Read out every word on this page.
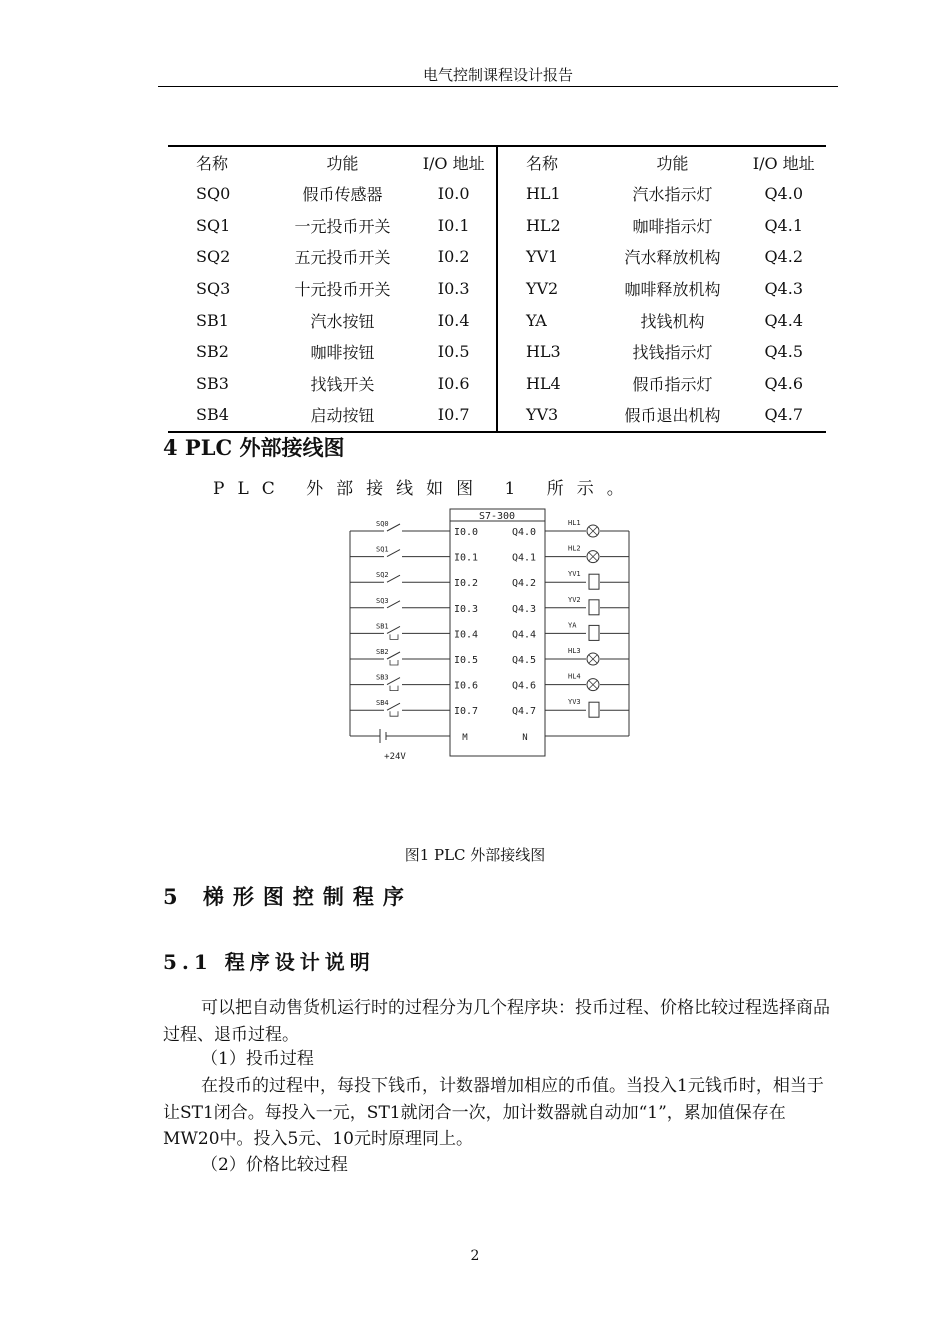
电气控制课程设计报告
名称	功能	I/O 地址	名称	功能	I/O 地址
SQ0	假币传感器	I0.0	HL1	汽水指示灯	Q4.0
SQ1	一元投币开关	I0.1	HL2	咖啡指示灯	Q4.1
SQ2	五元投币开关	I0.2	YV1	汽水释放机构	Q4.2
SQ3	十元投币开关	I0.3	YV2	咖啡释放机构	Q4.3
SB1	汽水按钮	I0.4	YA	找钱机构	Q4.4
SB2	咖啡按钮	I0.5	HL3	找钱指示灯	Q4.5
SB3	找钱开关	I0.6	HL4	假币指示灯	Q4.6
SB4	启动按钮	I0.7	YV3	假币退出机构	Q4.7
4 PLC 外部接线图
PLC 外部接线如图 1 所示。
S7-300
M	N
+24V
SQ0
I0.0	Q4.0
HL1
SQ1
I0.1	Q4.1
HL2
SQ2
I0.2	Q4.2
YV1
SQ3
I0.3	Q4.3
YV2
SB1
I0.4	Q4.4
YA
SB2
I0.5	Q4.5
HL3
SB3
I0.6	Q4.6
HL4
SB4
I0.7	Q4.7
YV3
图1 PLC 外部接线图
5 梯形图控制程序
5.1 程序设计说明
可以把自动售货机运行时的过程分为几个程序块：投币过程、价格比较过程选择商品过程、退币过程。
（1）投币过程
在投币的过程中，每投下钱币，计数器增加相应的币值。当投入1元钱币时，相当于让ST1闭合。每投入一元，ST1就闭合一次，加计数器就自动加“1”，累加值保存在MW20中。投入5元、10元时原理同上。
（2）价格比较过程
2
